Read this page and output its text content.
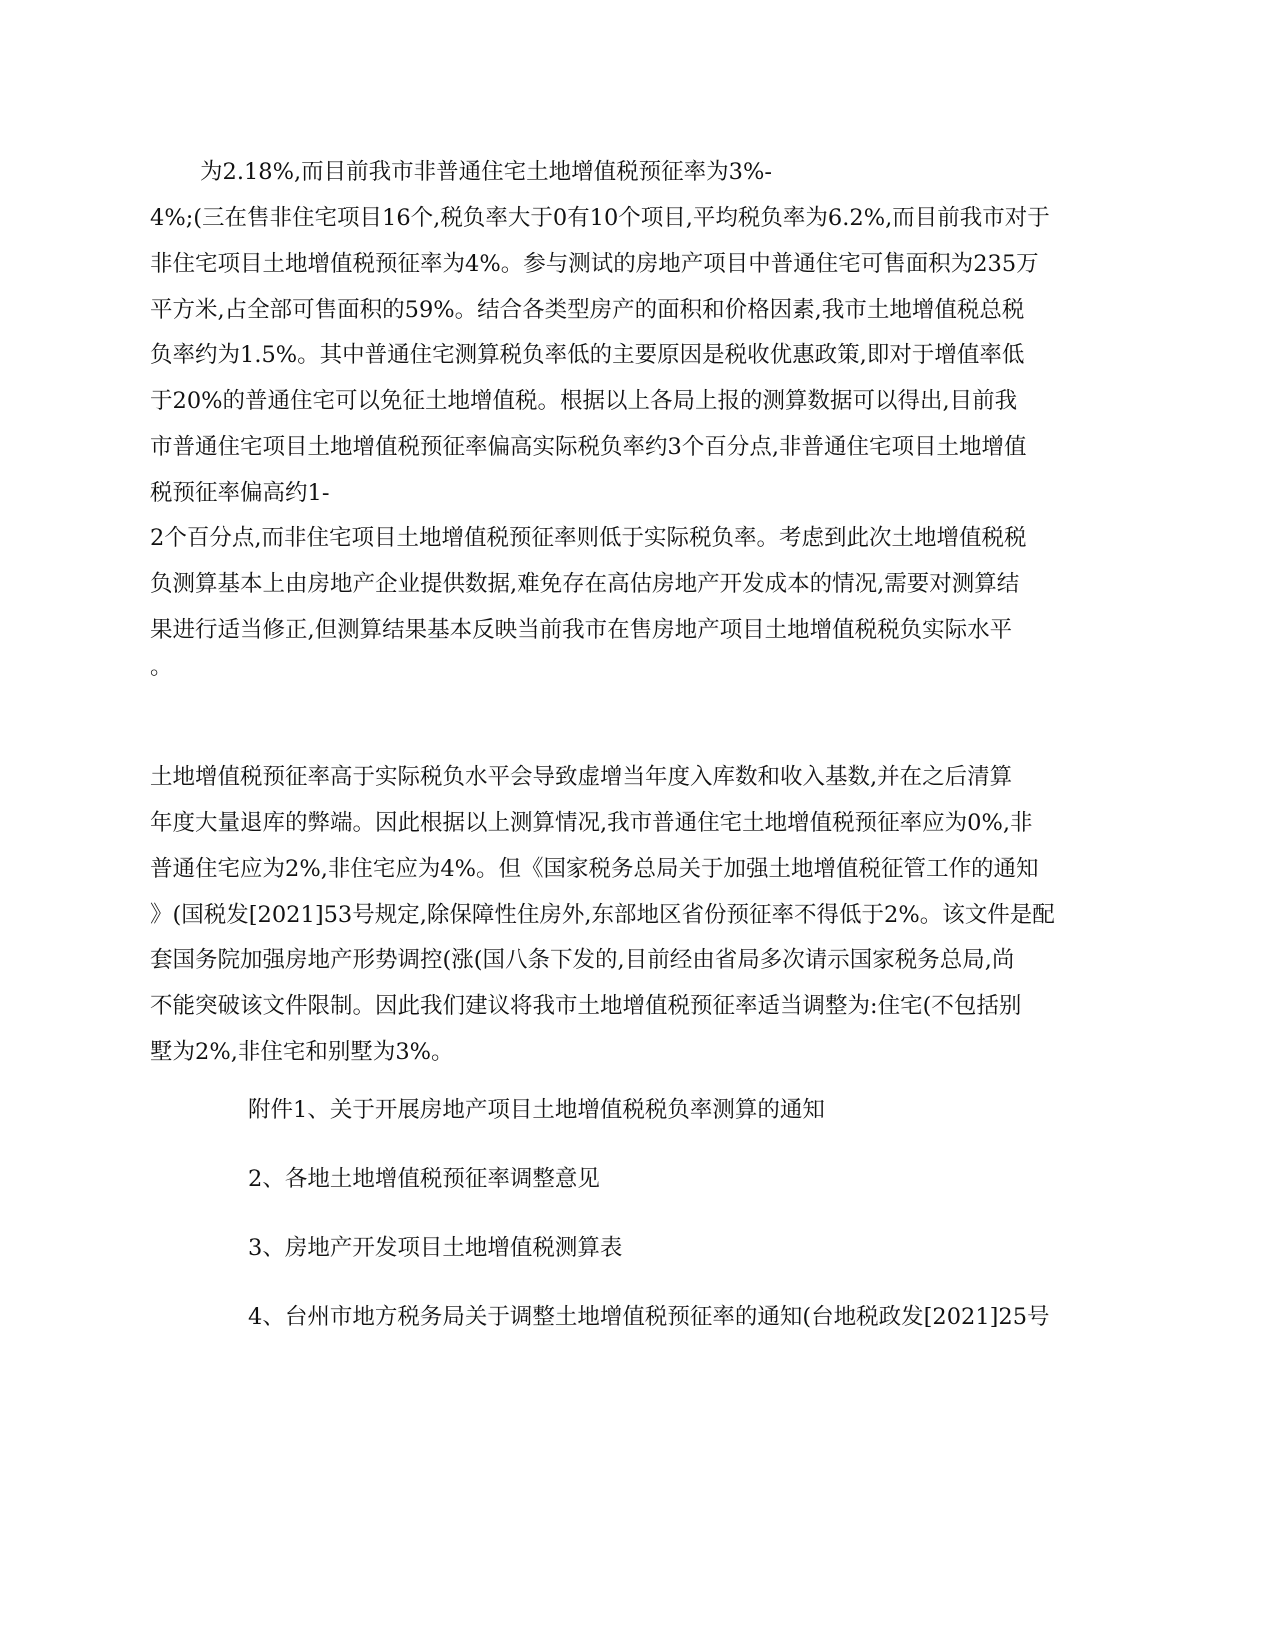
为2.18%,而目前我市非普通住宅土地增值税预征率为3%-

4%;(三在售非住宅项目16个,税负率大于0有10个项目,平均税负率为6.2%,而目前我市对于

非住宅项目土地增值税预征率为4%。参与测试的房地产项目中普通住宅可售面积为235万

平方米,占全部可售面积的59%。结合各类型房产的面积和价格因素,我市土地增值税总税

负率约为1.5%。其中普通住宅测算税负率低的主要原因是税收优惠政策,即对于增值率低

于20%的普通住宅可以免征土地增值税。根据以上各局上报的测算数据可以得出,目前我

市普通住宅项目土地增值税预征率偏高实际税负率约3个百分点,非普通住宅项目土地增值

税预征率偏高约1-

2个百分点,而非住宅项目土地增值税预征率则低于实际税负率。考虑到此次土地增值税税

负测算基本上由房地产企业提供数据,难免存在高估房地产开发成本的情况,需要对测算结

果进行适当修正,但测算结果基本反映当前我市在售房地产项目土地增值税税负实际水平

。

土地增值税预征率高于实际税负水平会导致虚增当年度入库数和收入基数,并在之后清算

年度大量退库的弊端。因此根据以上测算情况,我市普通住宅土地增值税预征率应为0%,非

普通住宅应为2%,非住宅应为4%。但《国家税务总局关于加强土地增值税征管工作的通知

》(国税发[2021]53号规定,除保障性住房外,东部地区省份预征率不得低于2%。该文件是配

套国务院加强房地产形势调控(涨(国八条下发的,目前经由省局多次请示国家税务总局,尚

不能突破该文件限制。因此我们建议将我市土地增值税预征率适当调整为:住宅(不包括别

墅为2%,非住宅和别墅为3%。

附件1、关于开展房地产项目土地增值税税负率测算的通知

2、各地土地增值税预征率调整意见

3、房地产开发项目土地增值税测算表

4、台州市地方税务局关于调整土地增值税预征率的通知(台地税政发[2021]25号
